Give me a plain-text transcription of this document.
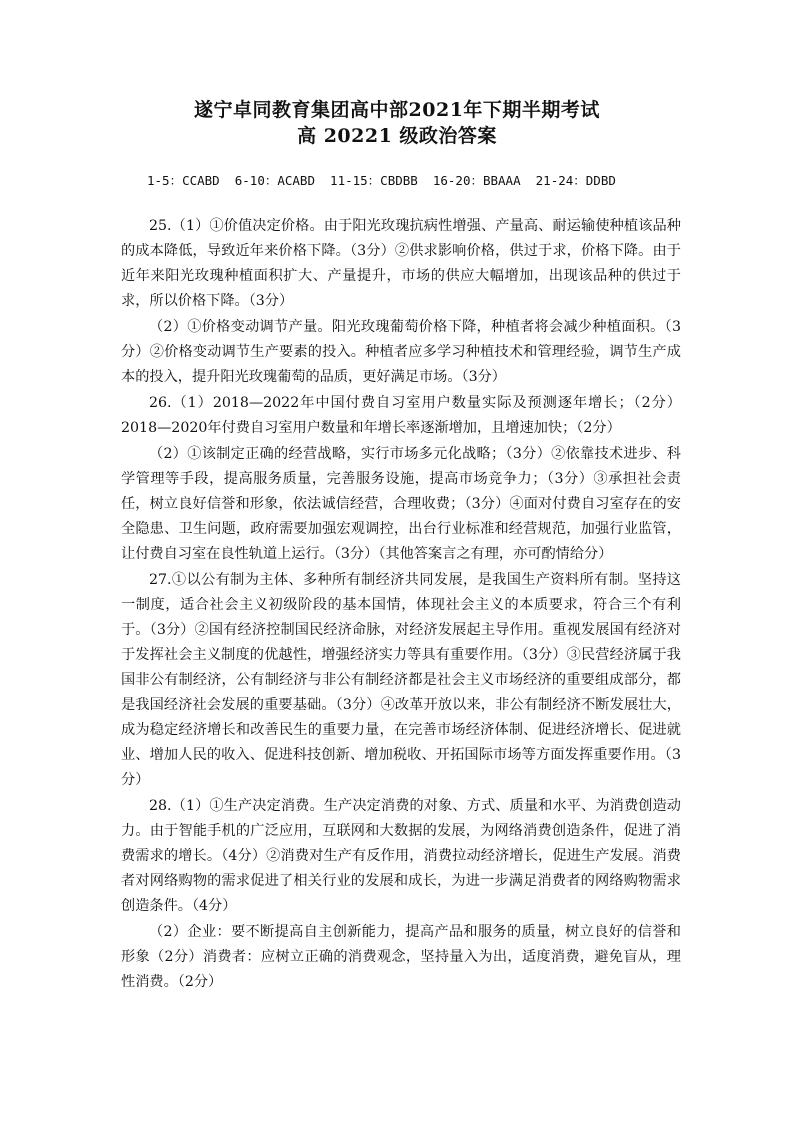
遂宁卓同教育集团高中部2021年下期半期考试
高 20221 级政治答案
1-5：CCABD  6-10：ACABD  11-15：CBDBB  16-20：BBAAA  21-24：DDBD

25.（1）①价值决定价格。由于阳光玫瑰抗病性增强、产量高、耐运输使种植该品种的成本降低，导致近年来价格下降。（3分）②供求影响价格，供过于求，价格下降。由于近年来阳光玫瑰种植面积扩大、产量提升，市场的供应大幅增加，出现该品种的供过于求，所以价格下降。（3分）

（2）①价格变动调节产量。阳光玫瑰葡萄价格下降，种植者将会减少种植面积。（3分）②价格变动调节生产要素的投入。种植者应多学习种植技术和管理经验，调节生产成本的投入，提升阳光玫瑰葡萄的品质，更好满足市场。（3分）

26.（1）2018—2022年中国付费自习室用户数量实际及预测逐年增长；（2分）2018—2020年付费自习室用户数量和年增长率逐渐增加，且增速加快；（2分）

（2）①该制定正确的经营战略，实行市场多元化战略；（3分）②依靠技术进步、科学管理等手段，提高服务质量，完善服务设施，提高市场竞争力；（3分）③承担社会责任，树立良好信誉和形象，依法诚信经营，合理收费；（3分）④面对付费自习室存在的安全隐患、卫生问题，政府需要加强宏观调控，出台行业标准和经营规范，加强行业监管，让付费自习室在良性轨道上运行。（3分）（其他答案言之有理，亦可酌情给分）

27.①以公有制为主体、多种所有制经济共同发展，是我国生产资料所有制。坚持这一制度，适合社会主义初级阶段的基本国情，体现社会主义的本质要求，符合三个有利于。（3分）②国有经济控制国民经济命脉，对经济发展起主导作用。重视发展国有经济对于发挥社会主义制度的优越性，增强经济实力等具有重要作用。（3分）③民营经济属于我国非公有制经济，公有制经济与非公有制经济都是社会主义市场经济的重要组成部分，都是我国经济社会发展的重要基础。（3分）④改革开放以来，非公有制经济不断发展壮大，成为稳定经济增长和改善民生的重要力量，在完善市场经济体制、促进经济增长、促进就业、增加人民的收入、促进科技创新、增加税收、开拓国际市场等方面发挥重要作用。（3分）

28.（1）①生产决定消费。生产决定消费的对象、方式、质量和水平、为消费创造动力。由于智能手机的广泛应用，互联网和大数据的发展，为网络消费创造条件，促进了消费需求的增长。（4分）②消费对生产有反作用，消费拉动经济增长，促进生产发展。消费者对网络购物的需求促进了相关行业的发展和成长，为进一步满足消费者的网络购物需求创造条件。（4分）

（2）企业：要不断提高自主创新能力，提高产品和服务的质量，树立良好的信誉和形象（2分）消费者：应树立正确的消费观念，坚持量入为出，适度消费，避免盲从，理性消费。（2分）
